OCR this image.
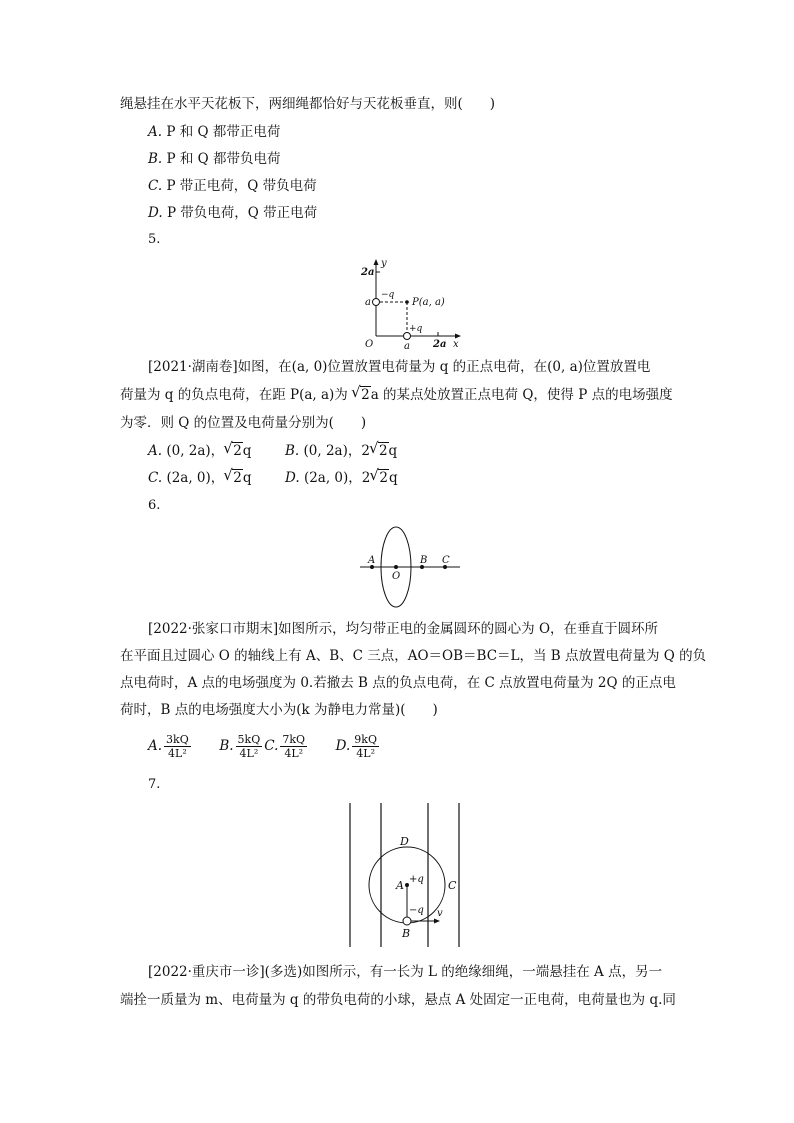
绳悬挂在水平天花板下，两细绳都恰好与天花板垂直，则(　　)
A. P 和 Q 都带正电荷
B. P 和 Q 都带负电荷
C. P 带正电荷，Q 带负电荷
D. P 带负电荷，Q 带正电荷
5.
2a
y
a
−q
P(a, a)
+q
O	a 2a x
[2021·湖南卷]如图，在(a, 0)位置放置电荷量为 q 的正点电荷，在(0, a)位置放置电
荷量为 q 的负点电荷，在距 P(a, a)为 √ 2a 的某点处放置正点电荷 Q，使得 P 点的电场强度
为零．则 Q 的位置及电荷量分别为(　　)
A. (0, 2a)， √ 2q B. (0, 2a)，2 √ 2q
C. (2a, 0)， √ 2q D. (2a, 0)，2 √ 2q
6.
A
O
B C
[2022·张家口市期末]如图所示，均匀带正电的金属圆环的圆心为 O，在垂直于圆环所
在平面且过圆心 O 的轴线上有 A、B、C 三点，AO＝OB＝BC＝L，当 B 点放置电荷量为 Q 的负
点电荷时，A 点的电场强度为 0.若撤去 B 点的负点电荷，在 C 点放置电荷量为 2Q 的正点电
荷时，B 点的电场强度大小为(k 为静电力常量)(　　)
A. $\frac{3kQ}{\text{4L²}} B$. $\frac{5kQ}{\text{4L²}} C$. $\frac{7kQ}{\text{4L²}} D$. $\frac{9kQ}{\text{4L²}}$
7.
D
A +q C
−q v
B
[2022·重庆市一诊](多选)如图所示，有一长为 L 的绝缘细绳，一端悬挂在 A 点，另一
端拴一质量为 m、电荷量为 q 的带负电荷的小球，悬点 A 处固定一正电荷，电荷量也为 q.同
